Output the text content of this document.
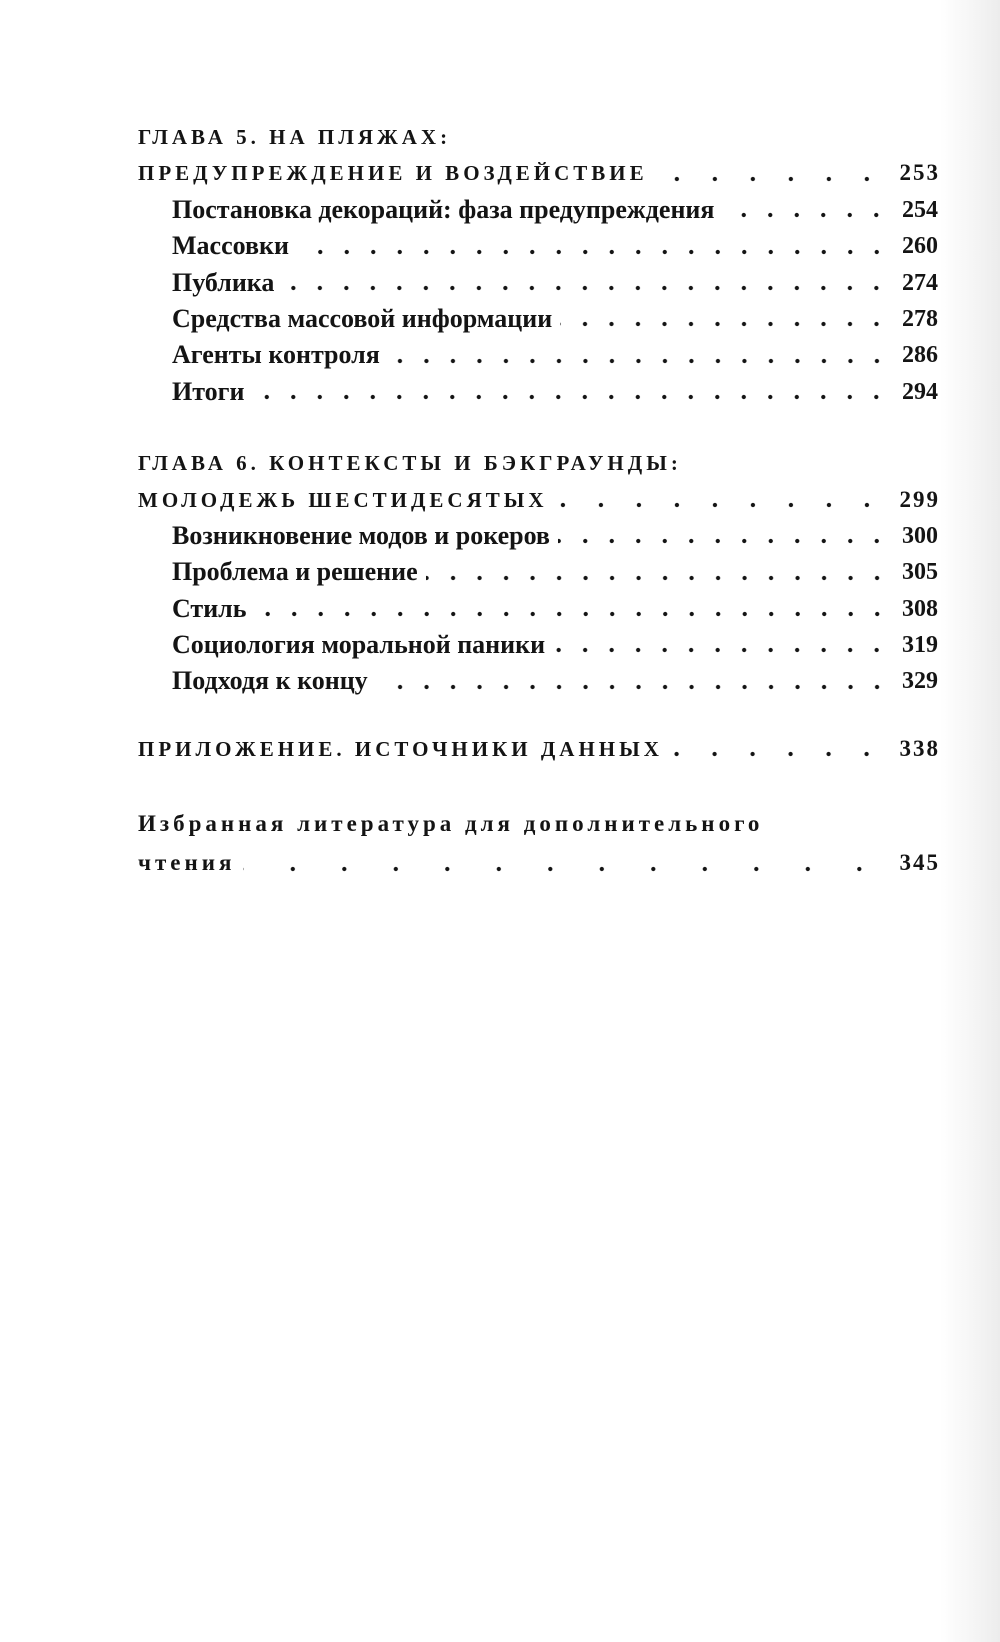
ГЛАВА 5. НА ПЛЯЖАХ:
ПРЕДУПРЕЖДЕНИЕ И ВОЗДЕЙСТВИЕ	253
Постановка декораций: фаза предупреждения	254
Массовки	260
Публика	274
Средства массовой информации	278
Агенты контроля	286
Итоги	294
ГЛАВА 6. КОНТЕКСТЫ И БЭКГРАУНДЫ:
МОЛОДЕЖЬ ШЕСТИДЕСЯТЫХ	299
Возникновение модов и рокеров	300
Проблема и решение	305
Стиль	308
Социология моральной паники	319
Подходя к концу	329
ПРИЛОЖЕНИЕ. ИСТОЧНИКИ ДАННЫХ	338
Избранная литература для дополнительного
чтения	345
